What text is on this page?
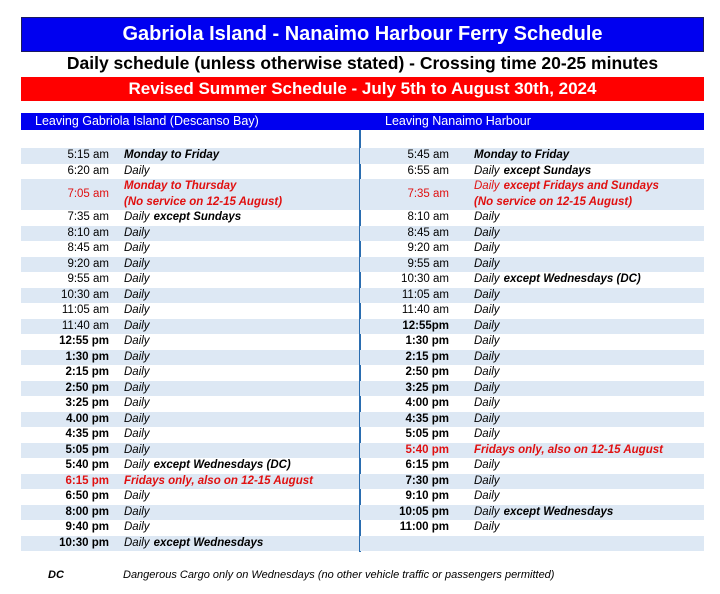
Gabriola Island - Nanaimo Harbour Ferry Schedule
Daily schedule (unless otherwise stated) - Crossing time 20-25 minutes
Revised Summer Schedule - July 5th to August 30th, 2024
Leaving Gabriola Island (Descanso Bay)	Leaving Nanaimo Harbour
5:15 am Monday to Friday
6:20 am Daily
7:05 am
Monday to Thursday
(No service on 12-15 August)
7:35 am Daily except Sundays
8:10 am Daily
8:45 am Daily
9:20 am Daily
9:55 am Daily
10:30 am Daily
11:05 am Daily
11:40 am Daily
12:55 pm Daily
1:30 pm Daily
2:15 pm Daily
2:50 pm Daily
3:25 pm Daily
4.00 pm Daily
4:35 pm Daily
5:05 pm Daily
5:40 pm Daily except Wednesdays (DC)
6:15 pm Fridays only, also on 12-15 August
6:50 pm Daily
8:00 pm Daily
9:40 pm Daily
10:30 pm Daily except Wednesdays
5:45 am Monday to Friday
6:55 am Daily except Sundays
7:35 am
Daily except Fridays and Sundays
(No service on 12-15 August)
8:10 am Daily
8:45 am Daily
9:20 am Daily
9:55 am Daily
10:30 am Daily except Wednesdays (DC)
11:05 am Daily
11:40 am Daily
12:55pm Daily
1:30 pm Daily
2:15 pm Daily
2:50 pm Daily
3:25 pm Daily
4:00 pm Daily
4:35 pm Daily
5:05 pm Daily
5:40 pm Fridays only, also on 12-15 August
6:15 pm Daily
7:30 pm Daily
9:10 pm Daily
10:05 pm Daily except Wednesdays
11:00 pm Daily
DC	Dangerous Cargo only on Wednesdays (no other vehicle traffic or passengers permitted)
